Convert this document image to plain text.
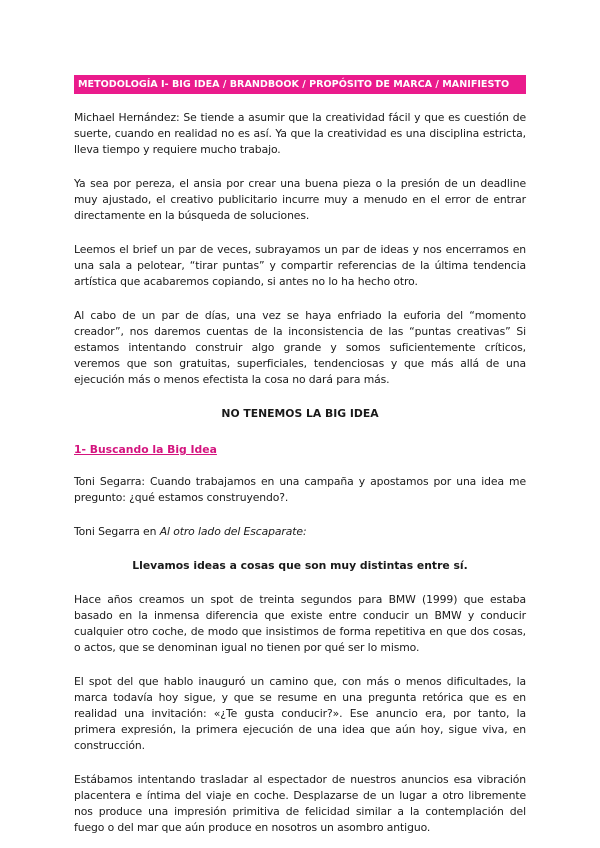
METODOLOGÍA I- BIG IDEA / BRANDBOOK / PROPÓSITO DE MARCA / MANIFIESTO

Michael Hernández: Se tiende a asumir que la creatividad fácil y que es cuestión de suerte, cuando en realidad no es así. Ya que la creatividad es una disciplina estricta, lleva tiempo y requiere mucho trabajo.

Ya sea por pereza, el ansia por crear una buena pieza o la presión de un deadline muy ajustado, el creativo publicitario incurre muy a menudo en el error de entrar directamente en la búsqueda de soluciones.

Leemos el brief un par de veces, subrayamos un par de ideas y nos encerramos en una sala a pelotear, “tirar puntas” y compartir referencias de la última tendencia artística que acabaremos copiando, si antes no lo ha hecho otro.

Al cabo de un par de días, una vez se haya enfriado la euforia del “momento creador”, nos daremos cuentas de la inconsistencia de las “puntas creativas” Si estamos intentando construir algo grande y somos suficientemente críticos, veremos que son gratuitas, superficiales, tendenciosas y que más allá de una ejecución más o menos efectista la cosa no dará para más.

NO TENEMOS LA BIG IDEA
1- Buscando la Big Idea

Toni Segarra: Cuando trabajamos en una campaña y apostamos por una idea me pregunto: ¿qué estamos construyendo?.

Toni Segarra en Al otro lado del Escaparate:

Llevamos ideas a cosas que son muy distintas entre sí.

Hace años creamos un spot de treinta segundos para BMW (1999) que estaba basado en la inmensa diferencia que existe entre conducir un BMW y conducir cualquier otro coche, de modo que insistimos de forma repetitiva en que dos cosas, o actos, que se denominan igual no tienen por qué ser lo mismo.

El spot del que hablo inauguró un camino que, con más o menos dificultades, la marca todavía hoy sigue, y que se resume en una pregunta retórica que es en realidad una invitación: «¿Te gusta conducir?». Ese anuncio era, por tanto, la primera expresión, la primera ejecución de una idea que aún hoy, sigue viva, en construcción.

Estábamos intentando trasladar al espectador de nuestros anuncios esa vibración placentera e íntima del viaje en coche. Desplazarse de un lugar a otro libremente nos produce una impresión primitiva de felicidad similar a la contemplación del fuego o del mar que aún produce en nosotros un asombro antiguo.
